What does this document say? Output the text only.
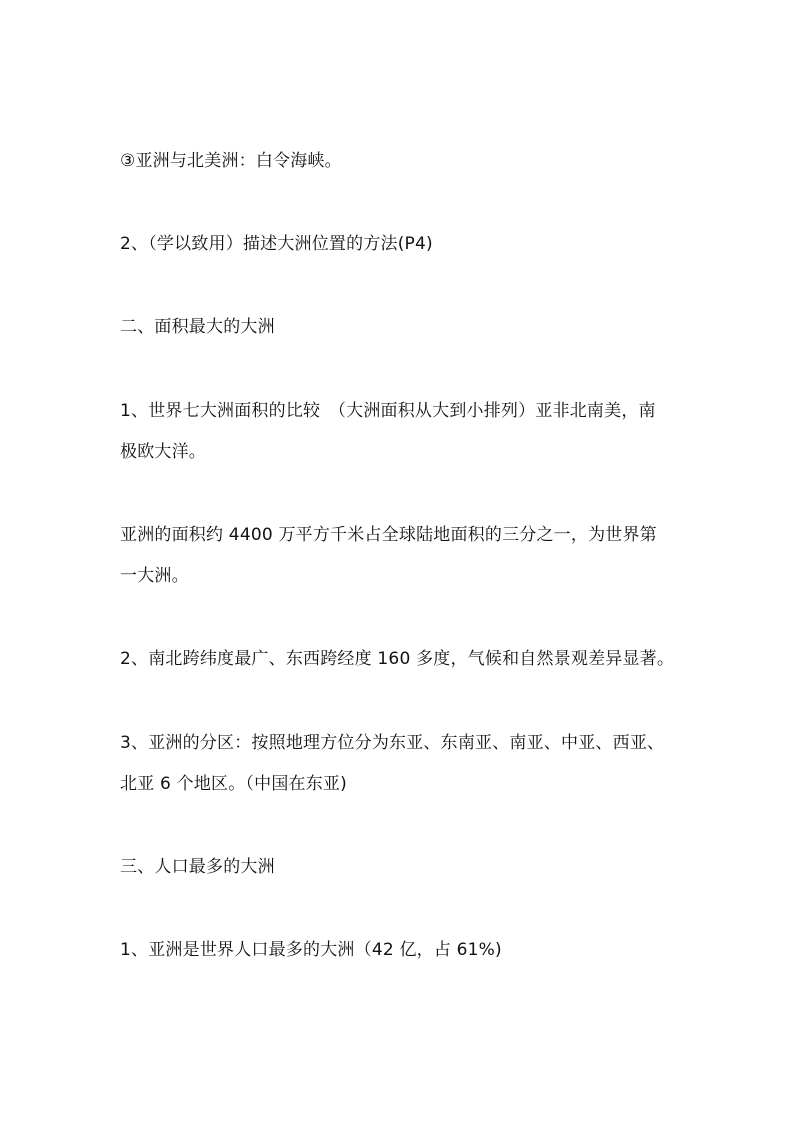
③亚洲与北美洲：白令海峡。
2、（学以致用）描述大洲位置的方法(P4)
二、面积最大的大洲
1、世界七大洲面积的比较　（大洲面积从大到小排列）亚非北南美，南
极欧大洋。
亚洲的面积约 4400 万平方千米占全球陆地面积的三分之一，为世界第
一大洲。
2、南北跨纬度最广、东西跨经度 160 多度，气候和自然景观差异显著。
3、亚洲的分区：按照地理方位分为东亚、东南亚、南亚、中亚、西亚、
北亚 6 个地区。（中国在东亚)
三、人口最多的大洲
1、亚洲是世界人口最多的大洲（42 亿，占 61%)
